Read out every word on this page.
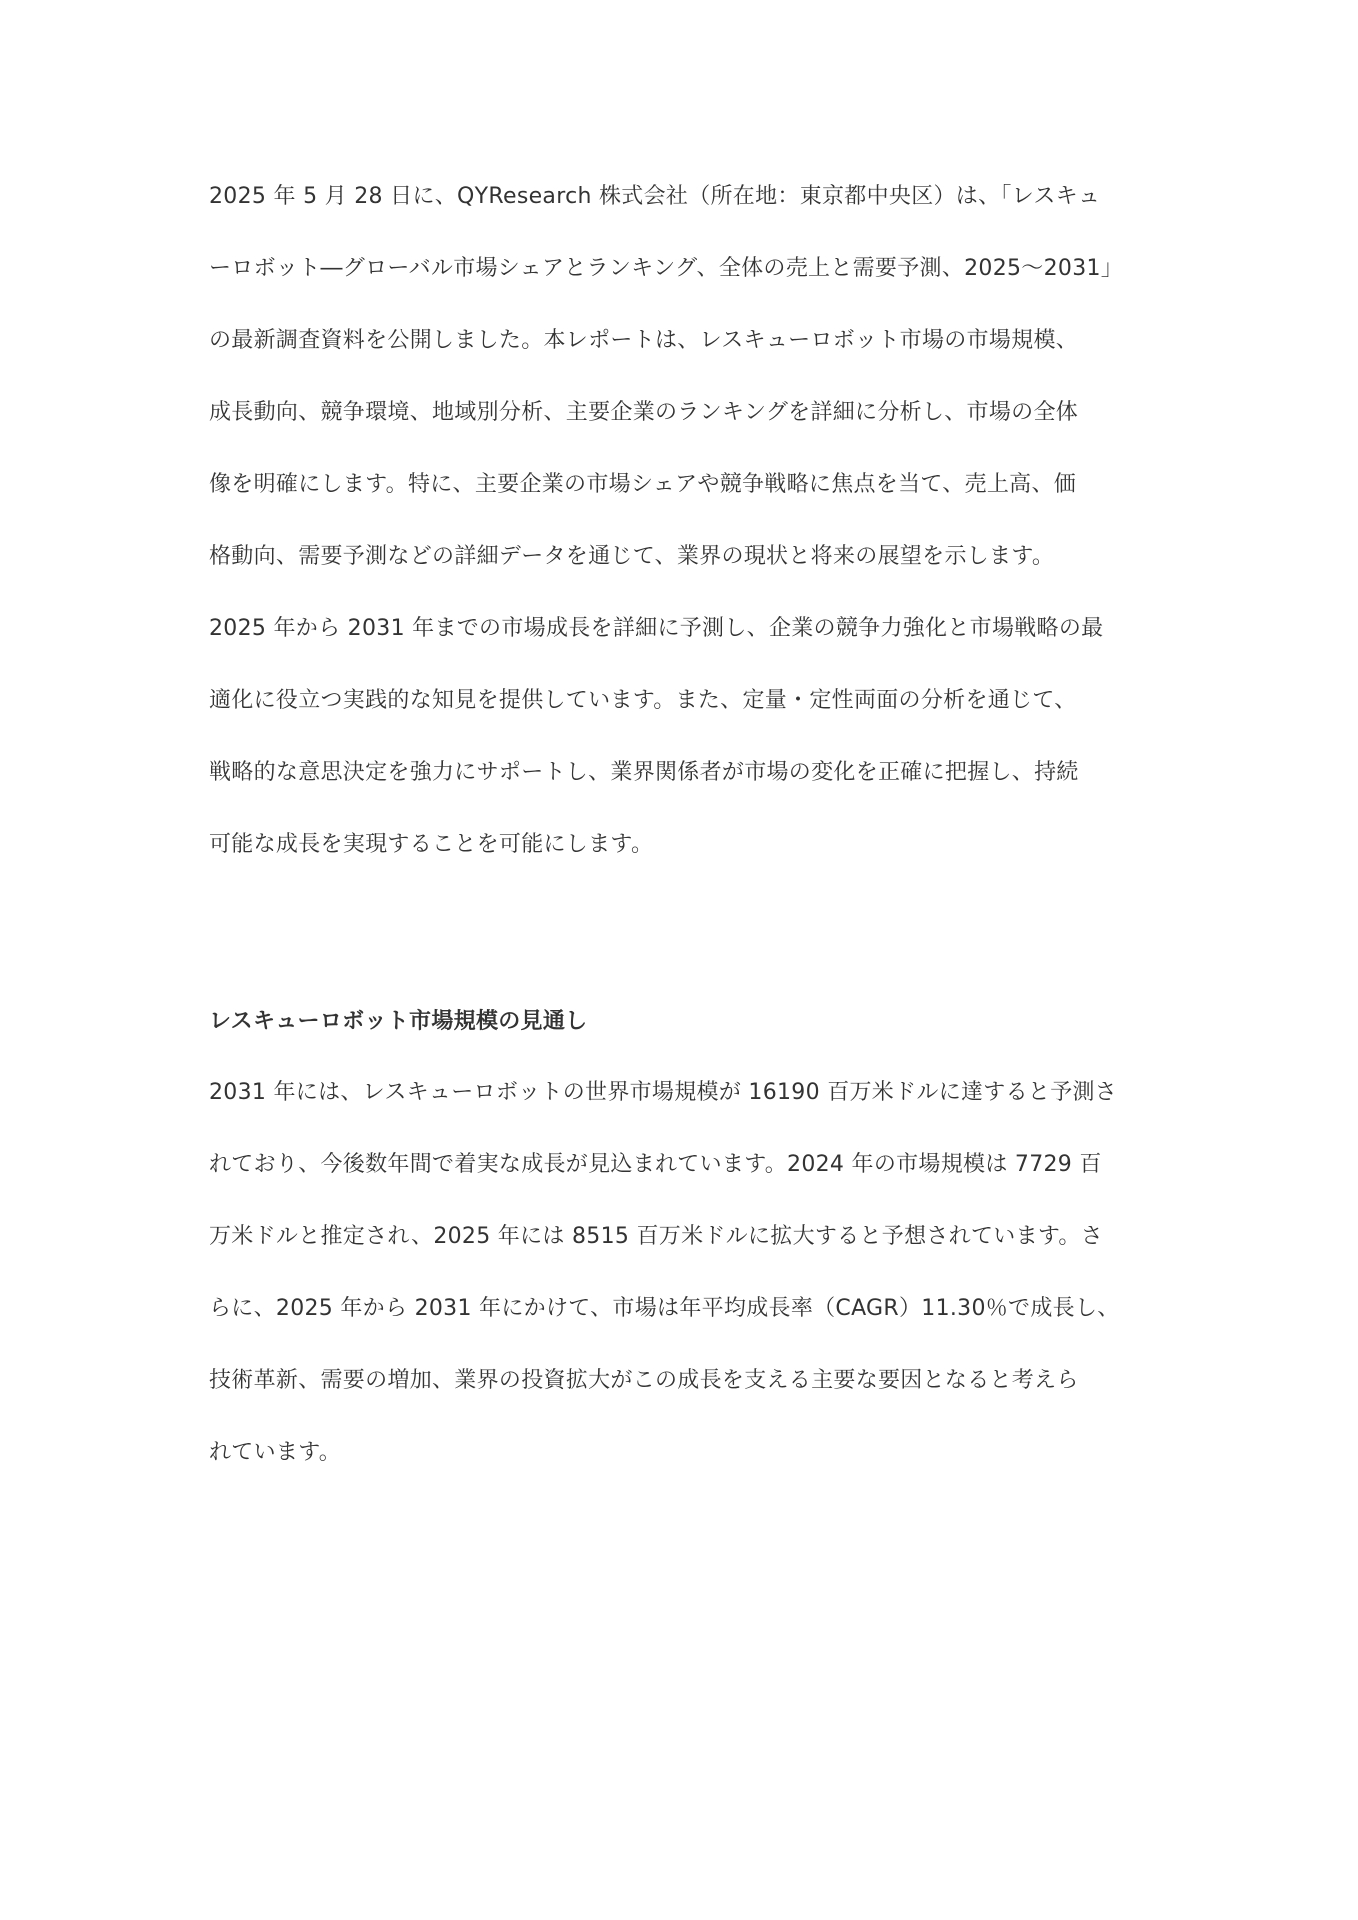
2025 年 5 月 28 日に、QYResearch 株式会社（所在地：東京都中央区）は、「レスキュ
ーロボット―グローバル市場シェアとランキング、全体の売上と需要予測、2025～2031」
の最新調査資料を公開しました。本レポートは、レスキューロボット市場の市場規模、
成長動向、競争環境、地域別分析、主要企業のランキングを詳細に分析し、市場の全体
像を明確にします。特に、主要企業の市場シェアや競争戦略に焦点を当て、売上高、価
格動向、需要予測などの詳細データを通じて、業界の現状と将来の展望を示します。
2025 年から 2031 年までの市場成長を詳細に予測し、企業の競争力強化と市場戦略の最
適化に役立つ実践的な知見を提供しています。また、定量・定性両面の分析を通じて、
戦略的な意思決定を強力にサポートし、業界関係者が市場の変化を正確に把握し、持続
可能な成長を実現することを可能にします。
レスキューロボット市場規模の見通し
2031 年には、レスキューロボットの世界市場規模が 16190 百万米ドルに達すると予測さ
れており、今後数年間で着実な成長が見込まれています。2024 年の市場規模は 7729 百
万米ドルと推定され、2025 年には 8515 百万米ドルに拡大すると予想されています。さ
らに、2025 年から 2031 年にかけて、市場は年平均成長率（CAGR）11.30％で成長し、
技術革新、需要の増加、業界の投資拡大がこの成長を支える主要な要因となると考えら
れています。
